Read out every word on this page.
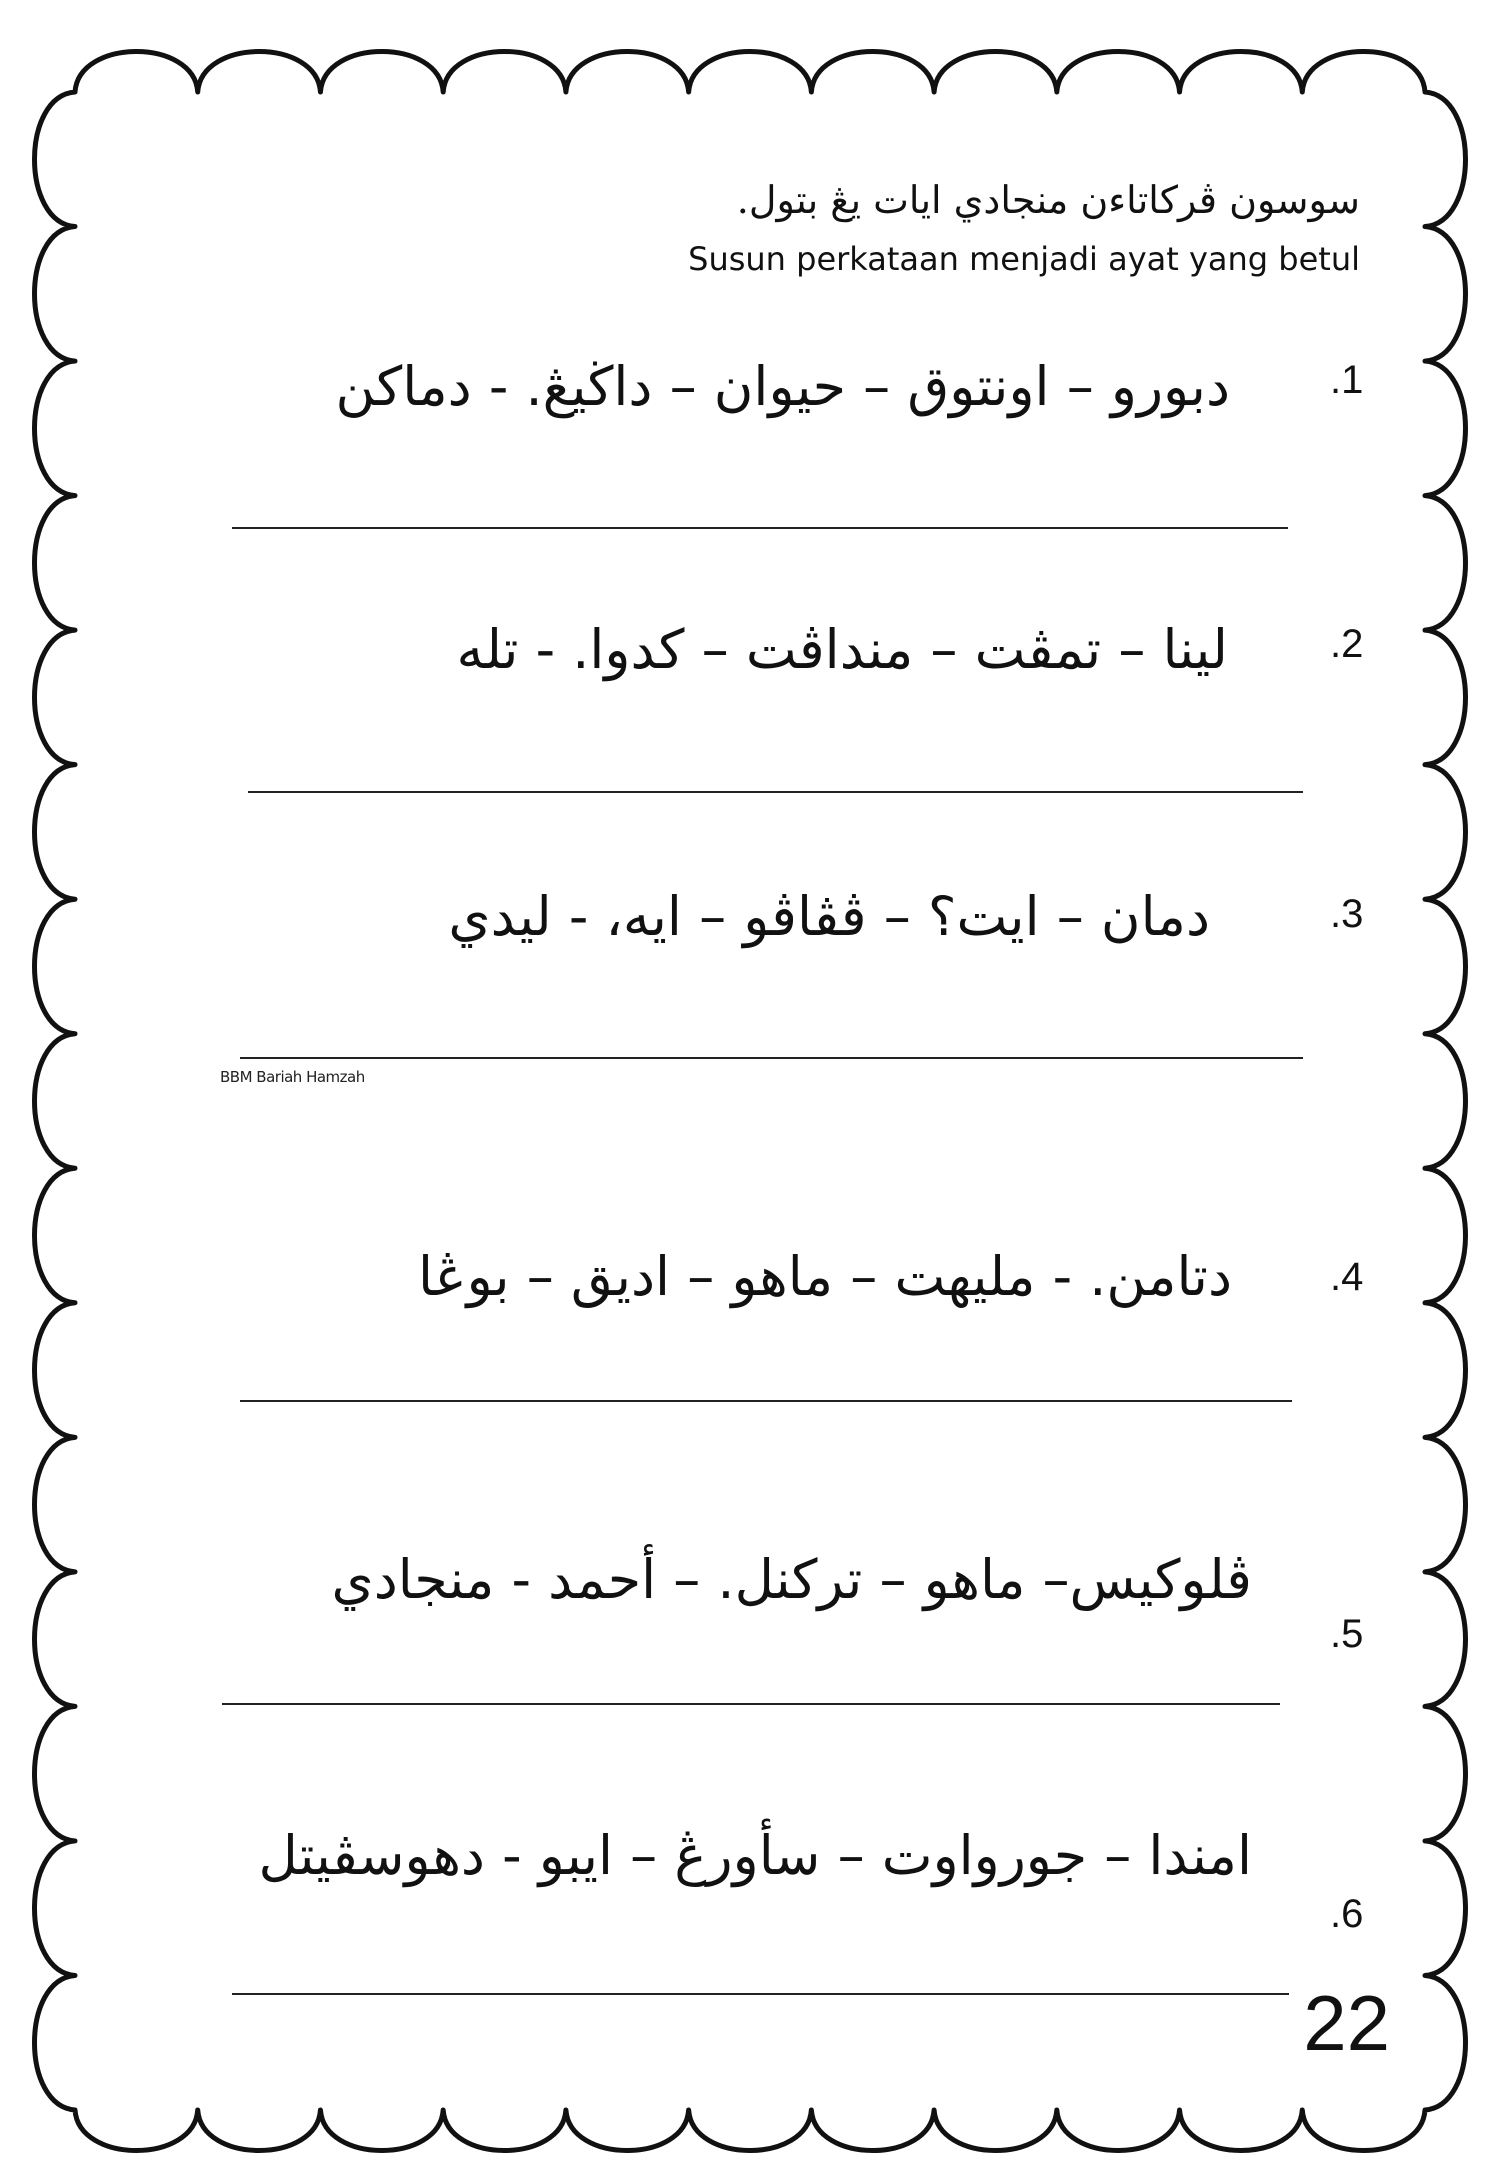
سوسون ڤركاتاءن منجادي ايات يڠ بتول.
Susun perkataan menjadi ayat yang betul
دبورو – اونتوق – حيوان – داڬيڠ. - دماكن	.1
لينا – تمڤت – منداڤت – كدوا. - تله	.2
دمان – ايت؟ – ڤڤاڤو – ايه، - ليدي	.3
BBM Bariah Hamzah
دتامن. - مليهت – ماهو – اديق – بوڠا .4
ڤلوكيس– ماهو – تركنل. – أحمد - منجادي
.5
امندا – جورواوت – سأورڠ – ايبو - دهوسڤيتل
.6
22
